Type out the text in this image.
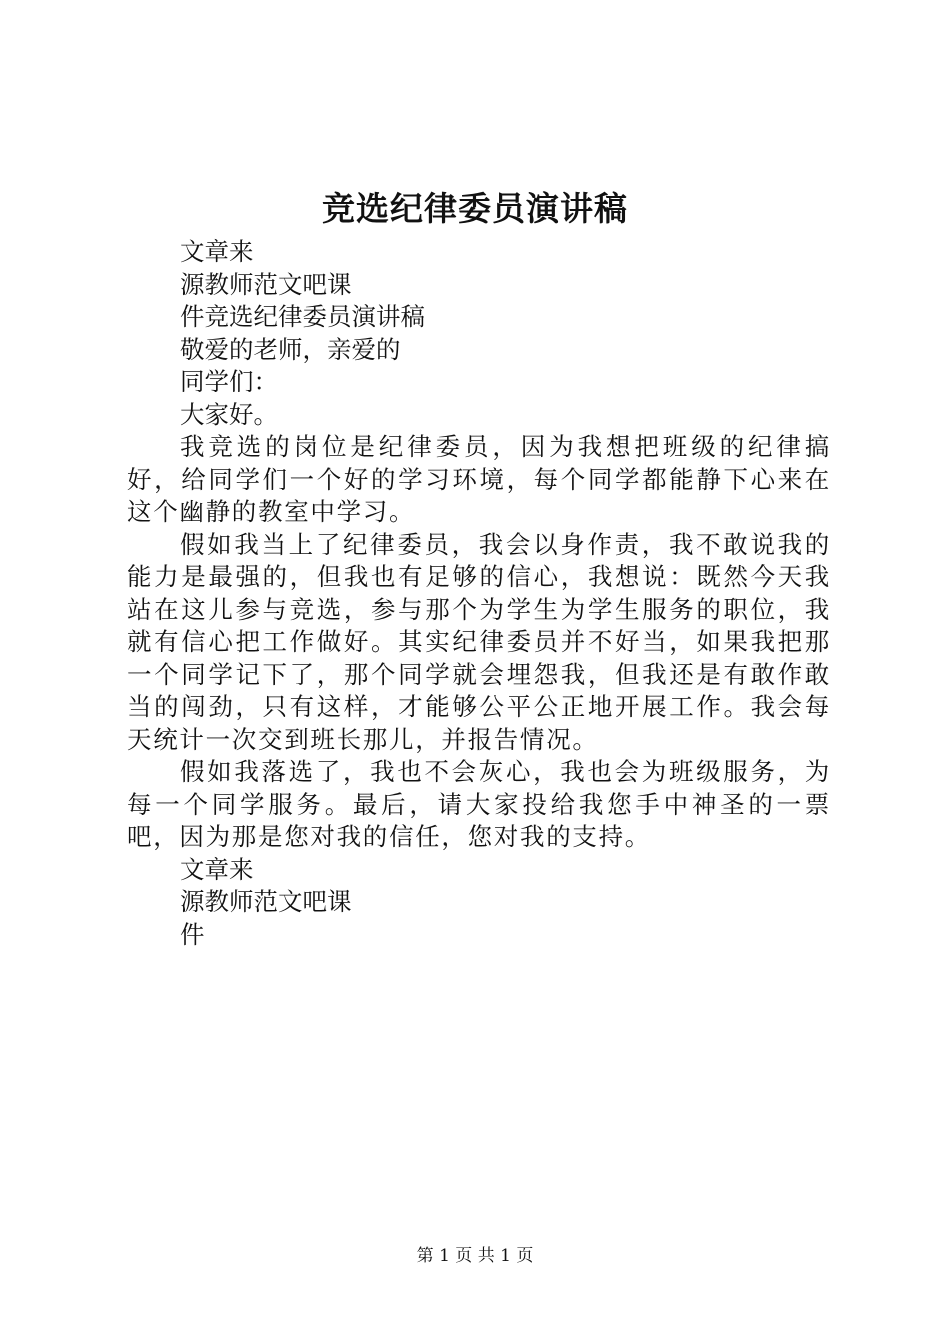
竞选纪律委员演讲稿

文章来

源教师范文吧课

件竞选纪律委员演讲稿

敬爱的老师，亲爱的

同学们：

大家好。

我竞选的岗位是纪律委员，因为我想把班级的纪律搞好，给同学们一个好的学习环境，每个同学都能静下心来在这个幽静的教室中学习。

假如我当上了纪律委员，我会以身作责，我不敢说我的能力是最强的，但我也有足够的信心，我想说：既然今天我站在这儿参与竞选，参与那个为学生为学生服务的职位，我就有信心把工作做好。其实纪律委员并不好当，如果我把那一个同学记下了，那个同学就会埋怨我，但我还是有敢作敢当的闯劲，只有这样，才能够公平公正地开展工作。我会每天统计一次交到班长那儿，并报告情况。

假如我落选了，我也不会灰心，我也会为班级服务，为每一个同学服务。最后，请大家投给我您手中神圣的一票吧，因为那是您对我的信任，您对我的支持。

文章来

源教师范文吧课

件

第 1 页 共 1 页
